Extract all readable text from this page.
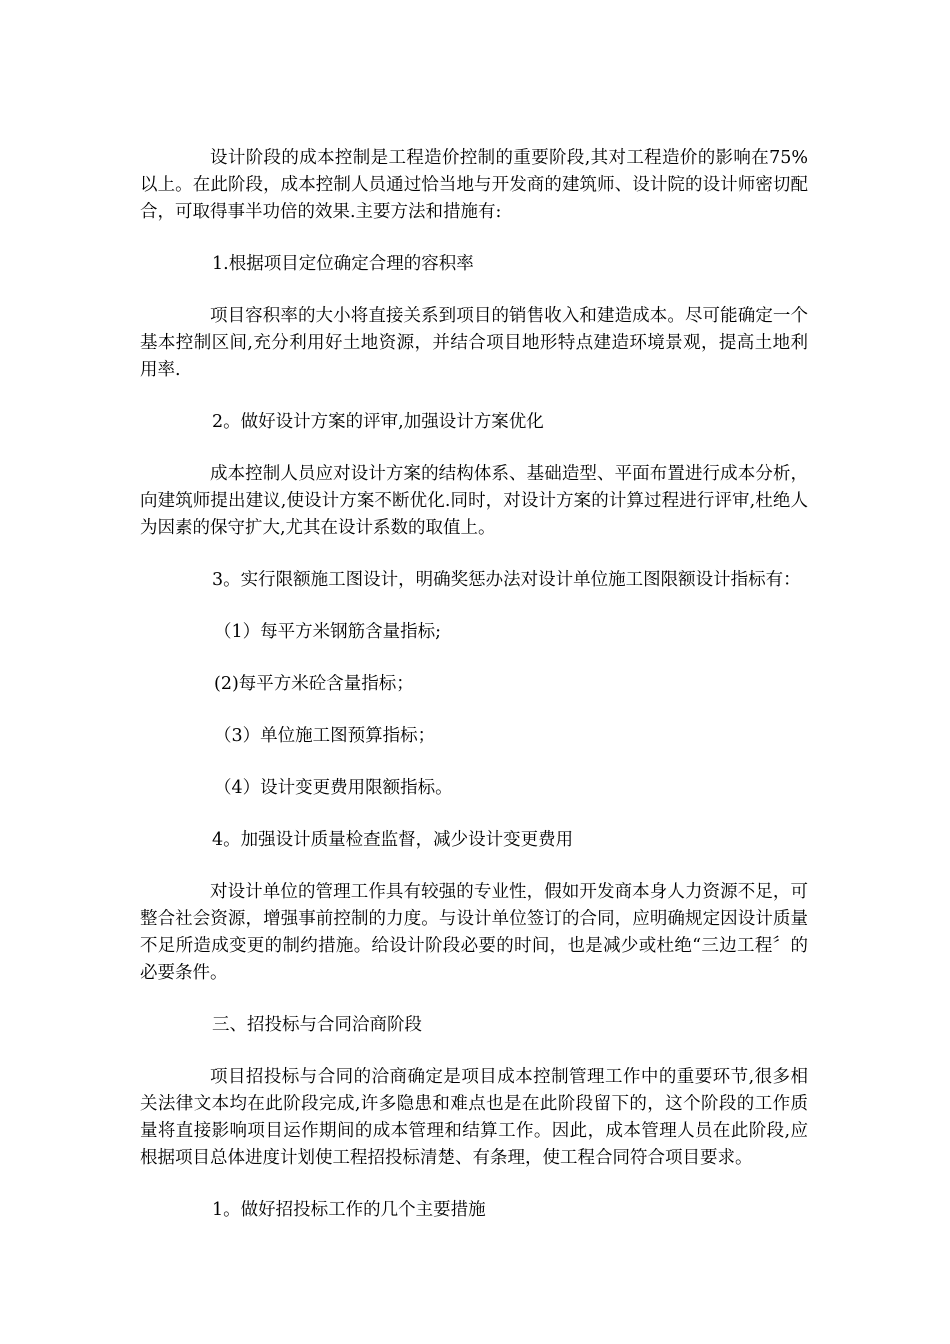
设计阶段的成本控制是工程造价控制的重要阶段,其对工程造价的影响在75%以上。在此阶段，成本控制人员通过恰当地与开发商的建筑师、设计院的设计师密切配合，可取得事半功倍的效果.主要方法和措施有:

1.根据项目定位确定合理的容积率

项目容积率的大小将直接关系到项目的销售收入和建造成本。尽可能确定一个基本控制区间,充分利用好土地资源，并结合项目地形特点建造环境景观，提高土地利用率.

2。做好设计方案的评审,加强设计方案优化

成本控制人员应对设计方案的结构体系、基础造型、平面布置进行成本分析，向建筑师提出建议,使设计方案不断优化.同时，对设计方案的计算过程进行评审,杜绝人为因素的保守扩大,尤其在设计系数的取值上。

3。实行限额施工图设计，明确奖惩办法对设计单位施工图限额设计指标有：

（1）每平方米钢筋含量指标;

(2)每平方米砼含量指标；

（3）单位施工图预算指标；

（4）设计变更费用限额指标。

4。加强设计质量检查监督，减少设计变更费用

对设计单位的管理工作具有较强的专业性，假如开发商本身人力资源不足，可整合社会资源，增强事前控制的力度。与设计单位签订的合同，应明确规定因设计质量不足所造成变更的制约措施。给设计阶段必要的时间，也是减少或杜绝“三边工程〞的必要条件。

三、招投标与合同洽商阶段

项目招投标与合同的洽商确定是项目成本控制管理工作中的重要环节,很多相关法律文本均在此阶段完成,许多隐患和难点也是在此阶段留下的，这个阶段的工作质量将直接影响项目运作期间的成本管理和结算工作。因此，成本管理人员在此阶段,应根据项目总体进度计划使工程招投标清楚、有条理，使工程合同符合项目要求。

1。做好招投标工作的几个主要措施
